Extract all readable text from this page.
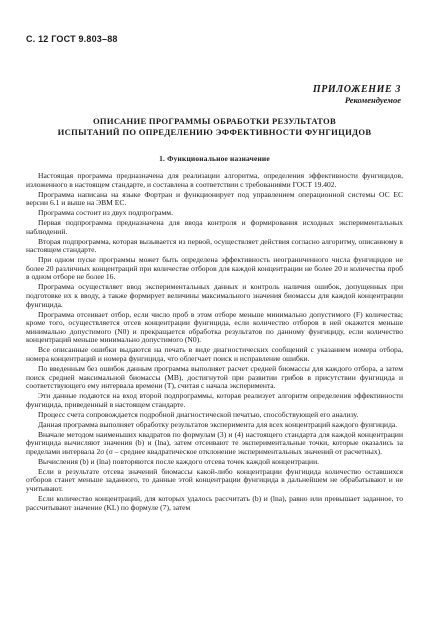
С. 12 ГОСТ 9.803–88
ПРИЛОЖЕНИЕ 3
Рекомендуемое
ОПИСАНИЕ ПРОГРАММЫ ОБРАБОТКИ РЕЗУЛЬТАТОВ
ИСПЫТАНИЙ ПО ОПРЕДЕЛЕНИЮ ЭФФЕКТИВНОСТИ ФУНГИЦИДОВ
1. Функциональное назначение

Настоящая программа предназначена для реализации алгоритма, определения эффективности фунгицидов, изложенного в настоящем стандарте, и составлена в соответствии с требованиями ГОСТ 19.402.

Программа написана на языке Фортран и функционирует под управлением операционной системы ОС ЕС версии 6.1 и выше на ЭВМ ЕС.

Программа состоит из двух подпрограмм.

Первая подпрограмма предназначена для ввода контроля и формирования исходных экспериментальных наблюдений.

Вторая подпрограмма, которая вызывается из первой, осуществляет действия согласно алгоритму, описанному в настоящем стандарте.

При одном пуске программы может быть определена эффективность неограниченного числа фунгицидов не более 20 различных концентраций при количестве отборов для каждой концентрации не более 20 и количества проб в одном отборе не более 16.

Программа осуществляет ввод экспериментальных данных и контроль наличия ошибок, допущенных при подготовке их к вводу, а также формирует величины максимального значения биомассы для каждой концентрации фунгицида.

Программа отсеивает отбор, если число проб в этом отборе меньше минимально допустимого (F) количества; кроме того, осуществляется отсев концентрации фунгицида, если количество отборов в ней окажется меньше минимально допустимого (N0) и прекращается обработка результатов по данному фунгициду, если количество концентраций меньше минимально допустимого (N0).

Все описанные ошибки выдаются на печать в виде диагностических сообщений с указанием номера отбора, номера концентраций и номера фунгицида, что облегчает поиск и исправление ошибки.

По введенным без ошибок данным программа выполняет расчет средней биомассы для каждого отбора, а затем поиск средней максимальной биомассы (MB), достигнутой при развитии грибов в присутствии фунгицида и соответствующего ему интервала времени (T), считая с начала эксперимента.

Эти данные подаются на вход второй подпрограммы, которая реализует алгоритм определения эффективности фунгицида, приведенный в настоящем стандарте.

Процесс счета сопровождается подробной диагностической печатью, способствующей его анализу.

Данная программа выполняет обработку результатов эксперимента для всех концентраций каждого фунгицида.

Вначале методом наименьших квадратов по формулам (3) и (4) настоящего стандарта для каждой концентрации фунгицида вычисляют значения (b) и (lna), затем отсеивают те экспериментальные точки, которые оказались за пределами интервала 2σ (σ – среднее квадратическое отклонение экспериментальных значений от расчетных).

Вычисления (b) и (lna) повторяются после каждого отсева точек каждой концентрации.

Если в результате отсева значений биомассы какой-либо концентрации фунгицида количество оставшихся отборов станет меньше заданного, то данные этой концентрации фунгицида в дальнейшем не обрабатывают и не учитывают.

Если количество концентраций, для которых удалось рассчитать (b) и (lna), равно или превышает заданное, то рассчитывают значение (KL) по формуле (7), затем
